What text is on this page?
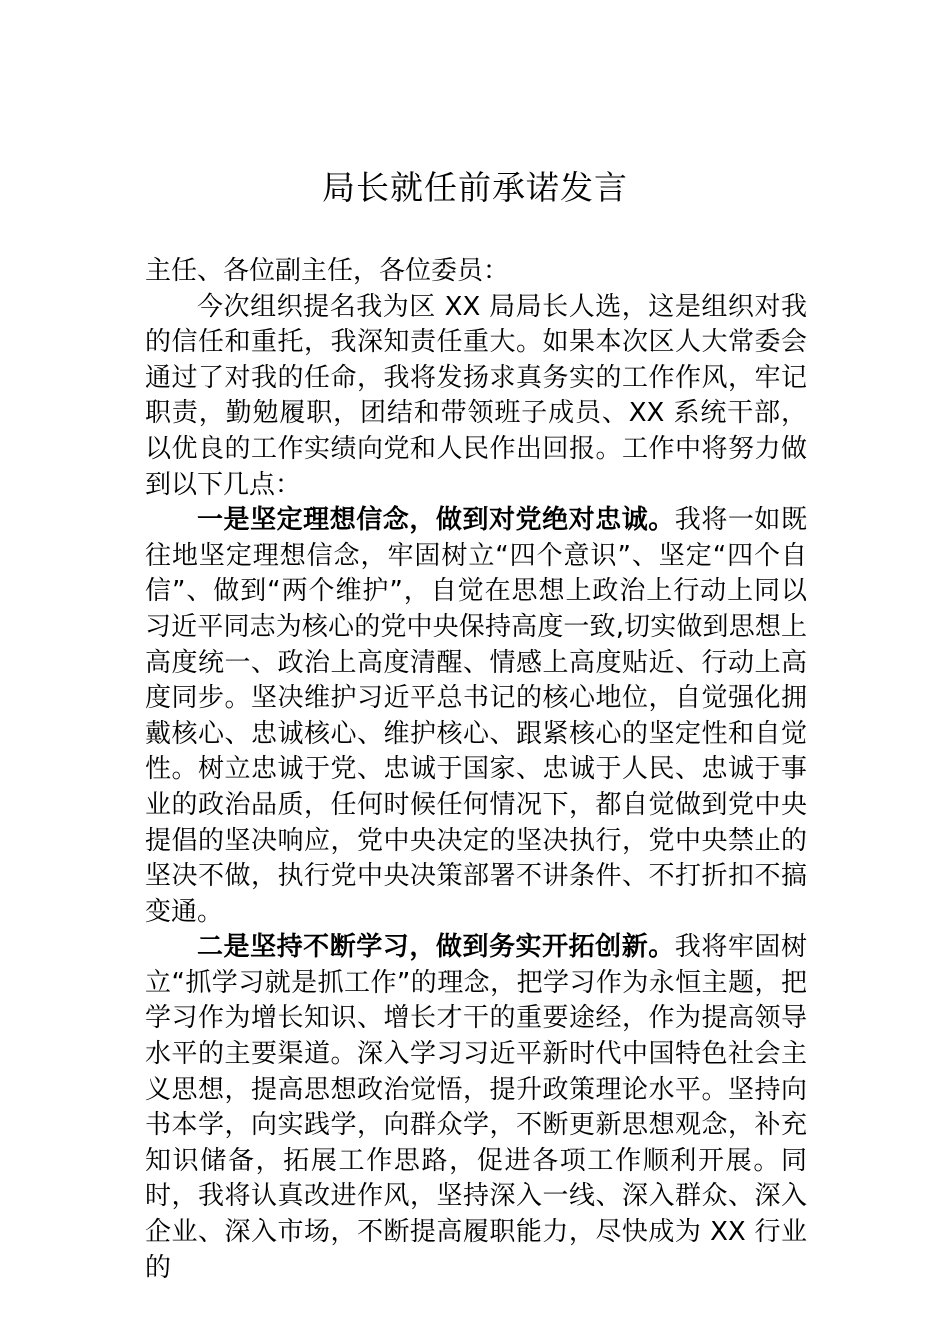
局长就任前承诺发言

主任、各位副主任，各位委员：

今次组织提名我为区 XX 局局长人选，这是组织对我的信任和重托，我深知责任重大。如果本次区人大常委会通过了对我的任命，我将发扬求真务实的工作作风，牢记职责，勤勉履职，团结和带领班子成员、XX 系统干部，以优良的工作实绩向党和人民作出回报。工作中将努力做到以下几点：

一是坚定理想信念，做到对党绝对忠诚。我将一如既往地坚定理想信念，牢固树立“四个意识”、坚定“四个自信”、做到“两个维护”，自觉在思想上政治上行动上同以习近平同志为核心的党中央保持高度一致,切实做到思想上高度统一、政治上高度清醒、情感上高度贴近、行动上高度同步。坚决维护习近平总书记的核心地位，自觉强化拥戴核心、忠诚核心、维护核心、跟紧核心的坚定性和自觉性。树立忠诚于党、忠诚于国家、忠诚于人民、忠诚于事业的政治品质，任何时候任何情况下，都自觉做到党中央提倡的坚决响应，党中央决定的坚决执行，党中央禁止的坚决不做，执行党中央决策部署不讲条件、不打折扣不搞变通。

二是坚持不断学习，做到务实开拓创新。我将牢固树立“抓学习就是抓工作”的理念，把学习作为永恒主题，把学习作为增长知识、增长才干的重要途经，作为提高领导水平的主要渠道。深入学习习近平新时代中国特色社会主义思想，提高思想政治觉悟，提升政策理论水平。坚持向书本学，向实践学，向群众学，不断更新思想观念，补充知识储备，拓展工作思路，促进各项工作顺利开展。同时，我将认真改进作风，坚持深入一线、深入群众、深入企业、深入市场，不断提高履职能力，尽快成为 XX 行业的
